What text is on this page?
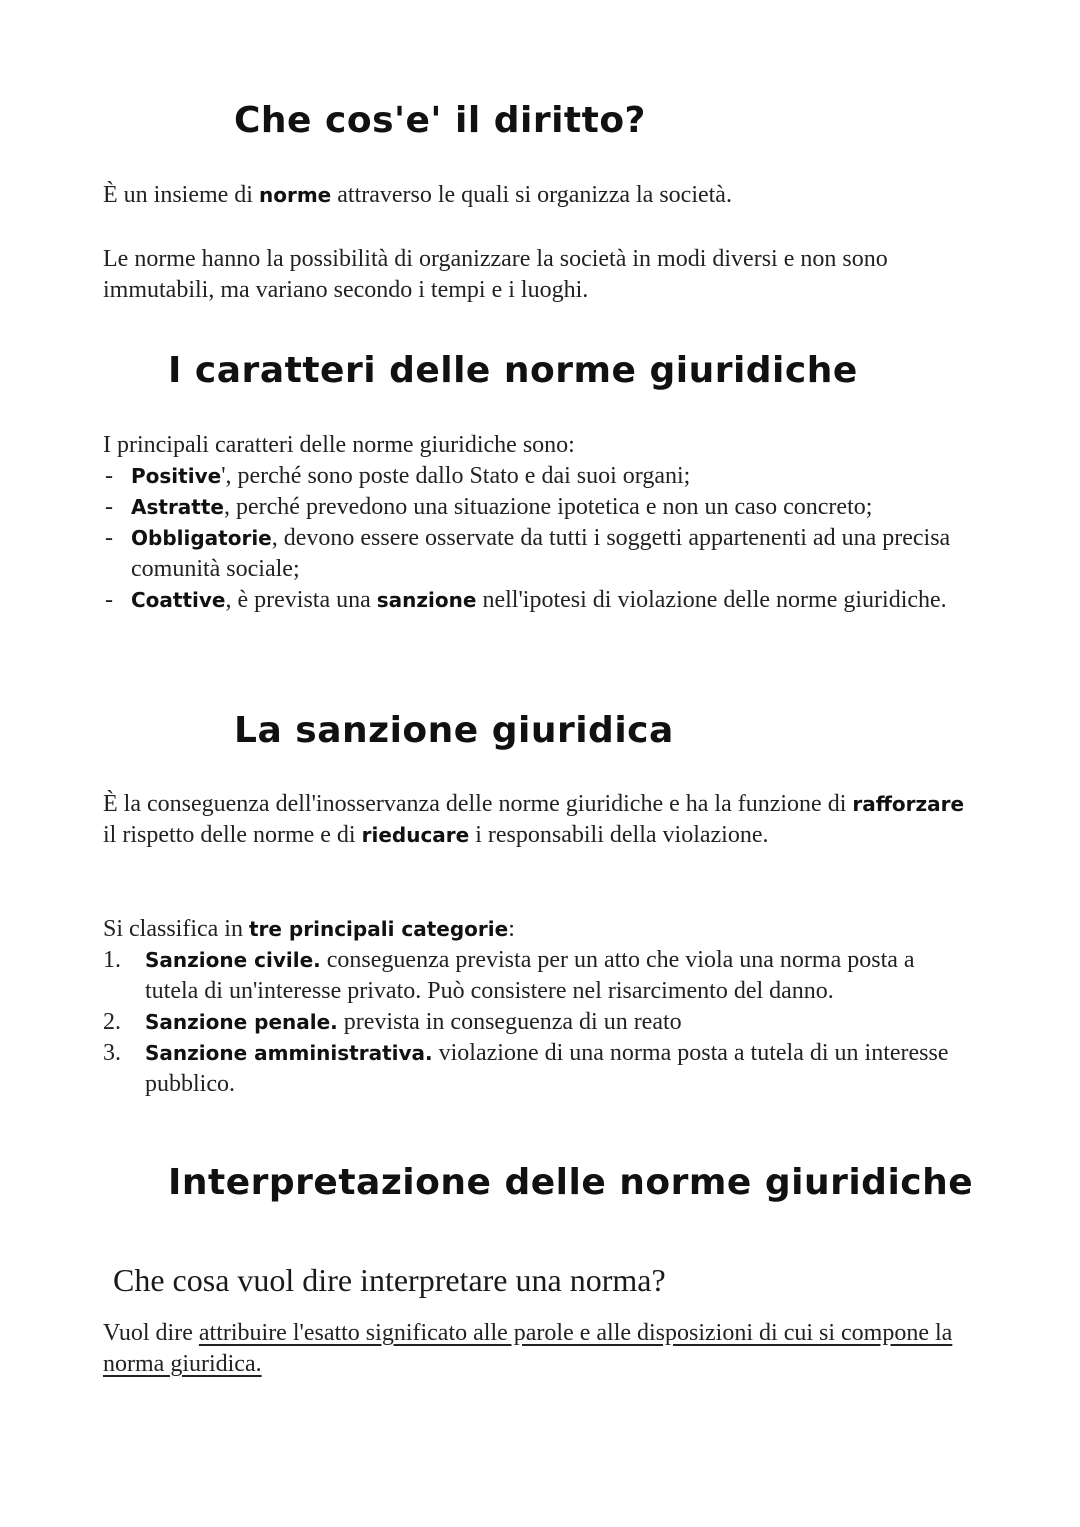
Che cos'e' il diritto?

È un insieme di norme attraverso le quali si organizza la società.

Le norme hanno la possibilità di organizzare la società in modi diversi e non sono immutabili, ma variano secondo i tempi e i luoghi.

I caratteri delle norme giuridiche

I principali caratteri delle norme giuridiche sono:

- Positive', perché sono poste dallo Stato e dai suoi organi;
- Astratte, perché prevedono una situazione ipotetica e non un caso concreto;
- Obbligatorie, devono essere osservate da tutti i soggetti appartenenti ad una precisa comunità sociale;
- Coattive, è prevista una sanzione nell'ipotesi di violazione delle norme giuridiche.
La sanzione giuridica

È la conseguenza dell'inosservanza delle norme giuridiche e ha la funzione di rafforzare il rispetto delle norme e di rieducare i responsabili della violazione.

Si classifica in tre principali categorie:

1. Sanzione civile. conseguenza prevista per un atto che viola una norma posta a tutela di un'interesse privato. Può consistere nel risarcimento del danno.
2. Sanzione penale. prevista in conseguenza di un reato
3. Sanzione amministrativa. violazione di una norma posta a tutela di un interesse pubblico.
Interpretazione delle norme giuridiche
Che cosa vuol dire interpretare una norma?

Vuol dire attribuire l'esatto significato alle parole e alle disposizioni di cui si compone la norma giuridica.
